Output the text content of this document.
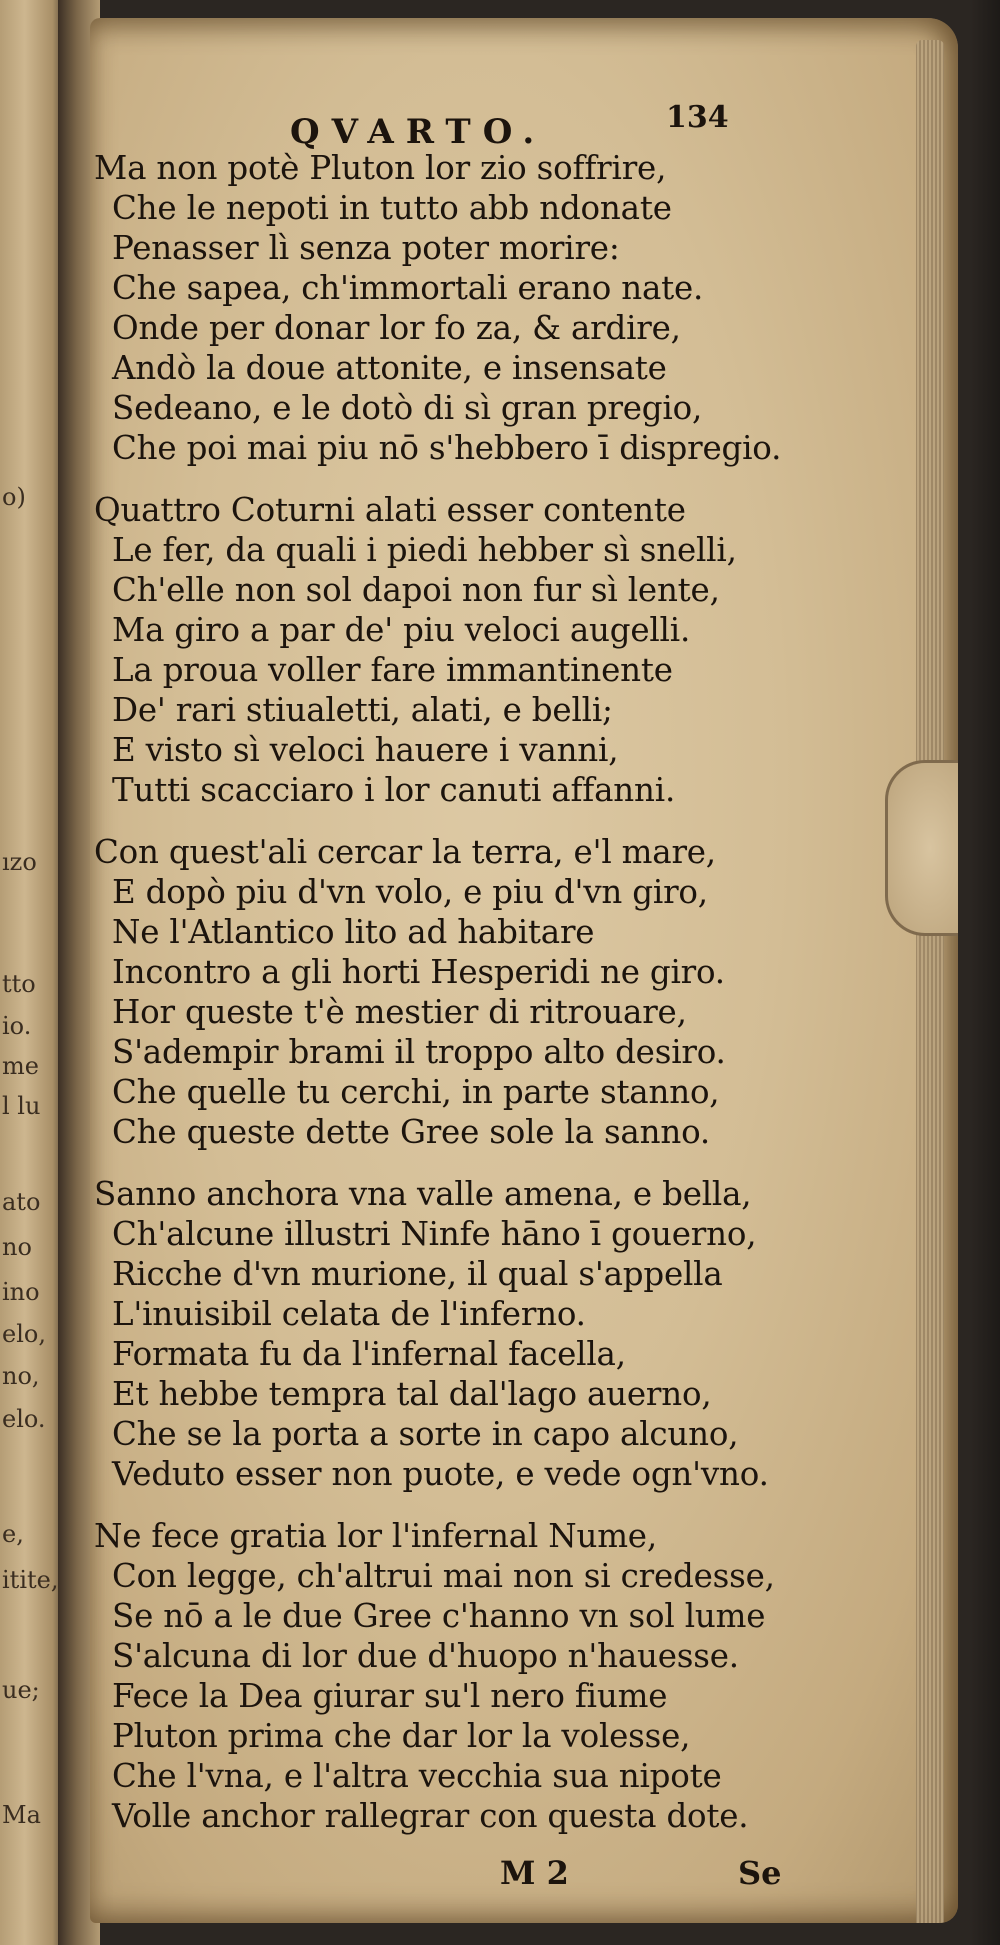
o)
ızo
tto
io.
me
l lu
ato
no
ino
elo,
no,
elo.
e,
itite,
ue;
Ma
QVARTO.	134
Ma non potè Pluton lor zio soffrire,
Che le nepoti in tutto abb ndonate
Penasser lì senza poter morire:
Che sapea, ch'immortali erano nate.
Onde per donar lor fo za, & ardire,
Andò la doue attonite, e insensate
Sedeano, e le dotò di sì gran pregio,
Che poi mai piu nō s'hebbero ī dispregio.
Quattro Coturni alati esser contente
Le fer, da quali i piedi hebber sì snelli,
Ch'elle non sol dapoi non fur sì lente,
Ma giro a par de' piu veloci augelli.
La proua voller fare immantinente
De' rari stiualetti, alati, e belli;
E visto sì veloci hauere i vanni,
Tutti scacciaro i lor canuti affanni.
Con quest'ali cercar la terra, e'l mare,
E dopò piu d'vn volo, e piu d'vn giro,
Ne l'Atlantico lito ad habitare
Incontro a gli horti Hesperidi ne giro.
Hor queste t'è mestier di ritrouare,
S'adempir brami il troppo alto desiro.
Che quelle tu cerchi, in parte stanno,
Che queste dette Gree sole la sanno.
Sanno anchora vna valle amena, e bella,
Ch'alcune illustri Ninfe hāno ī gouerno,
Ricche d'vn murione, il qual s'appella
L'inuisibil celata de l'inferno.
Formata fu da l'infernal facella,
Et hebbe tempra tal dal'lago auerno,
Che se la porta a sorte in capo alcuno,
Veduto esser non puote, e vede ogn'vno.
Ne fece gratia lor l'infernal Nume,
Con legge, ch'altrui mai non si credesse,
Se nō a le due Gree c'hanno vn sol lume
S'alcuna di lor due d'huopo n'hauesse.
Fece la Dea giurar su'l nero fiume
Pluton prima che dar lor la volesse,
Che l'vna, e l'altra vecchia sua nipote
Volle anchor rallegrar con questa dote.
M 2	Se
